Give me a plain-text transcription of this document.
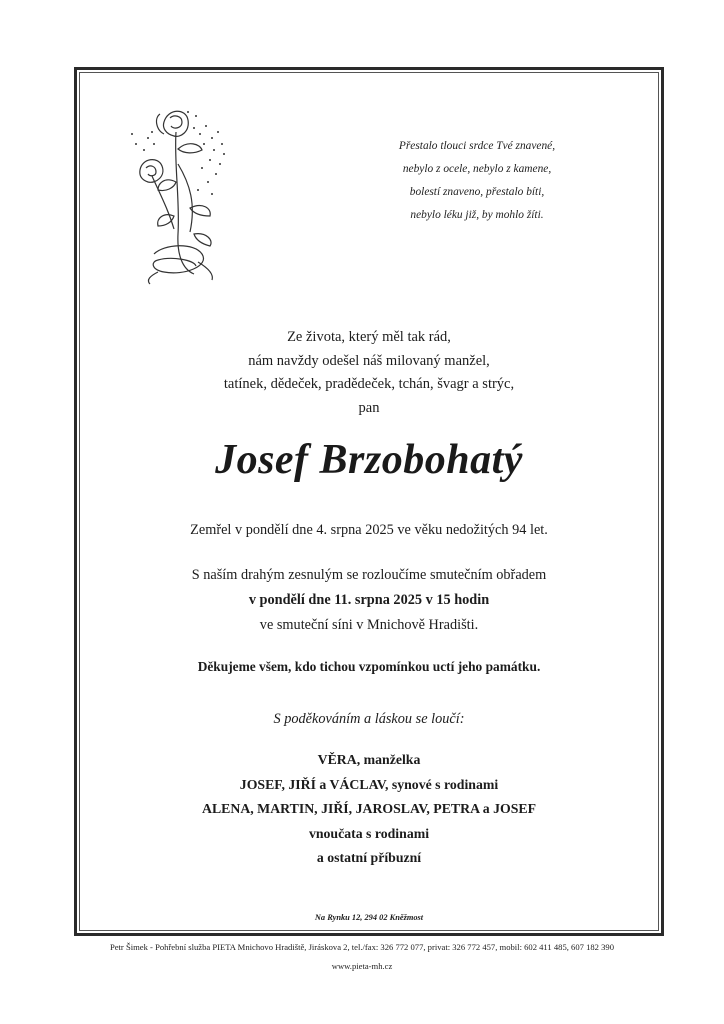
Přestalo tlouci srdce Tvé znavené,
nebylo z ocele, nebylo z kamene,
bolestí znaveno, přestalo bíti,
nebylo léku již, by mohlo žíti.
Ze života, který měl tak rád,
nám navždy odešel náš milovaný manžel,
tatínek, dědeček, pradědeček, tchán, švagr a strýc,
pan
Josef Brzobohatý
Zemřel v pondělí dne 4. srpna 2025 ve věku nedožitých 94 let.
S naším drahým zesnulým se rozloučíme smutečním obřadem
v pondělí dne 11. srpna 2025 v 15 hodin
ve smuteční síni v Mnichově Hradišti.
Děkujeme všem, kdo tichou vzpomínkou uctí jeho památku.
S poděkováním a láskou se loučí:
VĚRA, manželka
JOSEF, JIŘÍ a VÁCLAV, synové s rodinami
ALENA, MARTIN, JIŘÍ, JAROSLAV, PETRA a JOSEF
vnoučata s rodinami
a ostatní příbuzní
Na Rynku 12, 294 02 Kněžmost
Petr Šimek - Pohřební služba PIETA Mnichovo Hradiště, Jiráskova 2, tel./fax: 326 772 077, privat: 326 772 457, mobil: 602 411 485, 607 182 390
www.pieta-mh.cz
